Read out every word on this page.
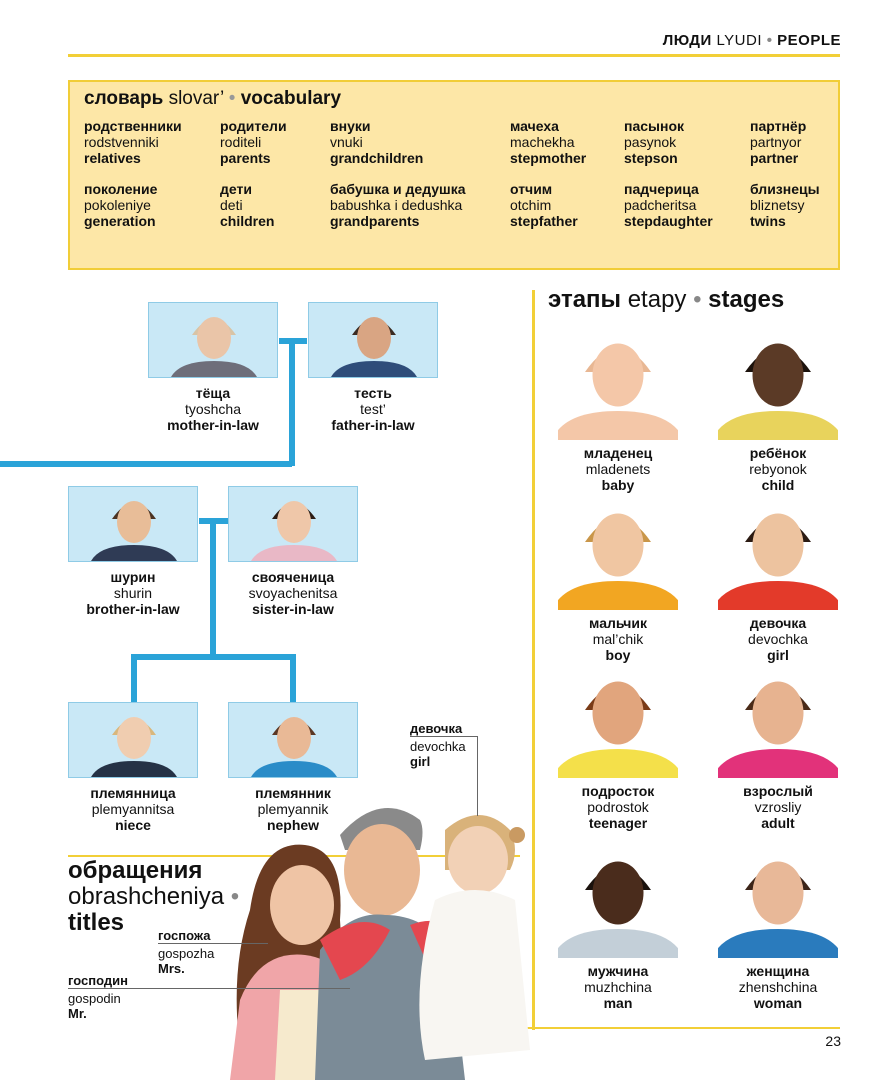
ЛЮДИ LYUDI • PEOPLE
словарь slovar’ • vocabulary
родственники
rodstvenniki
relatives
родители
roditeli
parents
внуки
vnuki
grandchildren
мачеха
machekha
stepmother
пасынок
pasynok
stepson
партнёр
partnyor
partner
поколение
pokoleniye
generation
дети
deti
children
бабушка и дедушка
babushka i dedushka
grandparents
отчим
otchim
stepfather
падчерица
padcheritsa
stepdaughter
близнецы
bliznetsy
twins
тёща
tyoshcha
mother-in-law
тесть
test’
father-in-law
шурин
shurin
brother-in-law
свояченица
svoyachenitsa
sister-in-law
племянница
plemyannitsa
niece
племянник
plemyannik
nephew
этапы etapy • stages
младенец
mladenets
baby
ребёнок
rebyonok
child
мальчик
mal’chik
boy
девочка
devochka
girl
подросток
podrostok
teenager
взрослый
vzrosliy
adult
мужчина
muzhchina
man
женщина
zhenshchina
woman
обращения
obrashcheniya •
titles	госпожа
gospozha
Mrs.
господин
gospodin
Mr.
девочка
devochka
girl
23
